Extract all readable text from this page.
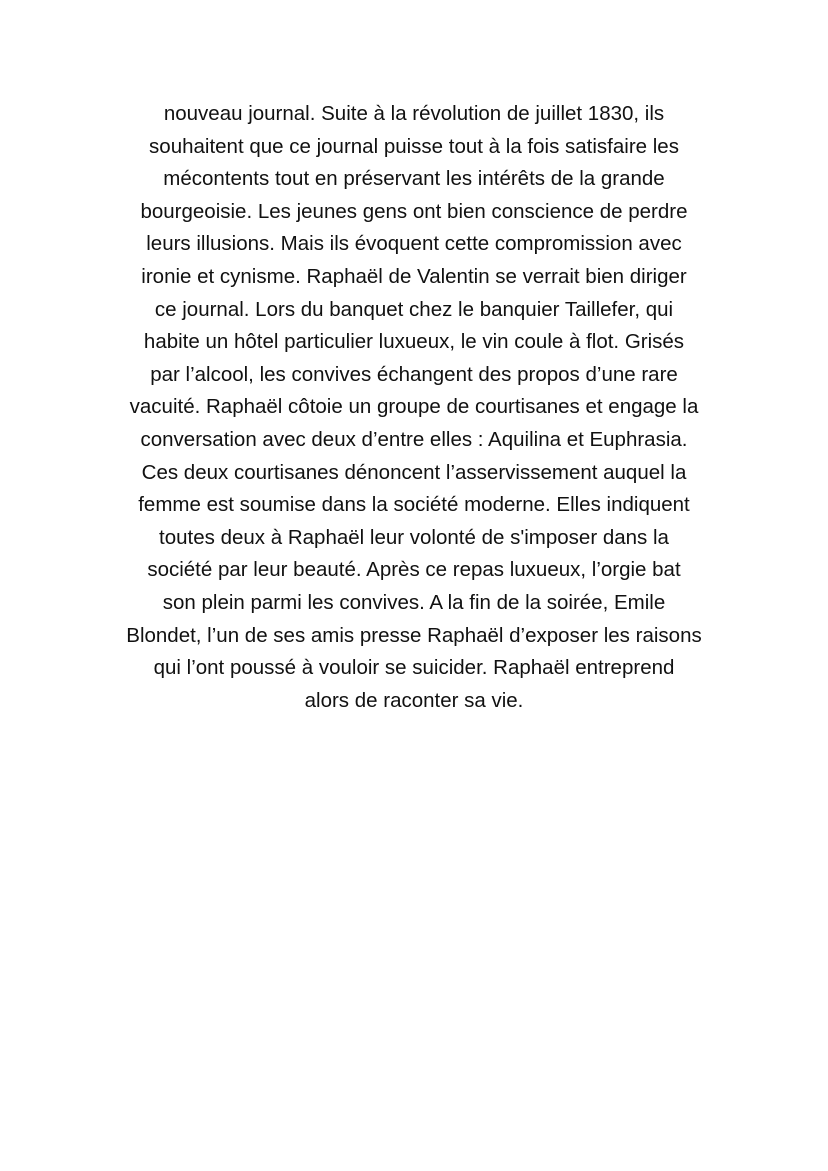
nouveau journal. Suite à la révolution de juillet 1830, ils
souhaitent que ce journal puisse tout à la fois satisfaire les
mécontents tout en préservant les intérêts de la grande
bourgeoisie. Les jeunes gens ont bien conscience de perdre
leurs illusions. Mais ils évoquent cette compromission avec
ironie et cynisme. Raphaël de Valentin se verrait bien diriger
ce journal. Lors du banquet chez le banquier Taillefer, qui
habite un hôtel particulier luxueux, le vin coule à flot. Grisés
par l’alcool, les convives échangent des propos d’une rare
vacuité. Raphaël côtoie un groupe de courtisanes et engage la
conversation avec deux d’entre elles : Aquilina et Euphrasia.
Ces deux courtisanes dénoncent l’asservissement auquel la
femme est soumise dans la société moderne. Elles indiquent
toutes deux à Raphaël leur volonté de s'imposer dans la
société par leur beauté. Après ce repas luxueux, l’orgie bat
son plein parmi les convives. A la fin de la soirée, Emile
Blondet, l’un de ses amis presse Raphaël d’exposer les raisons
qui l’ont poussé à vouloir se suicider. Raphaël entreprend
alors de raconter sa vie.
